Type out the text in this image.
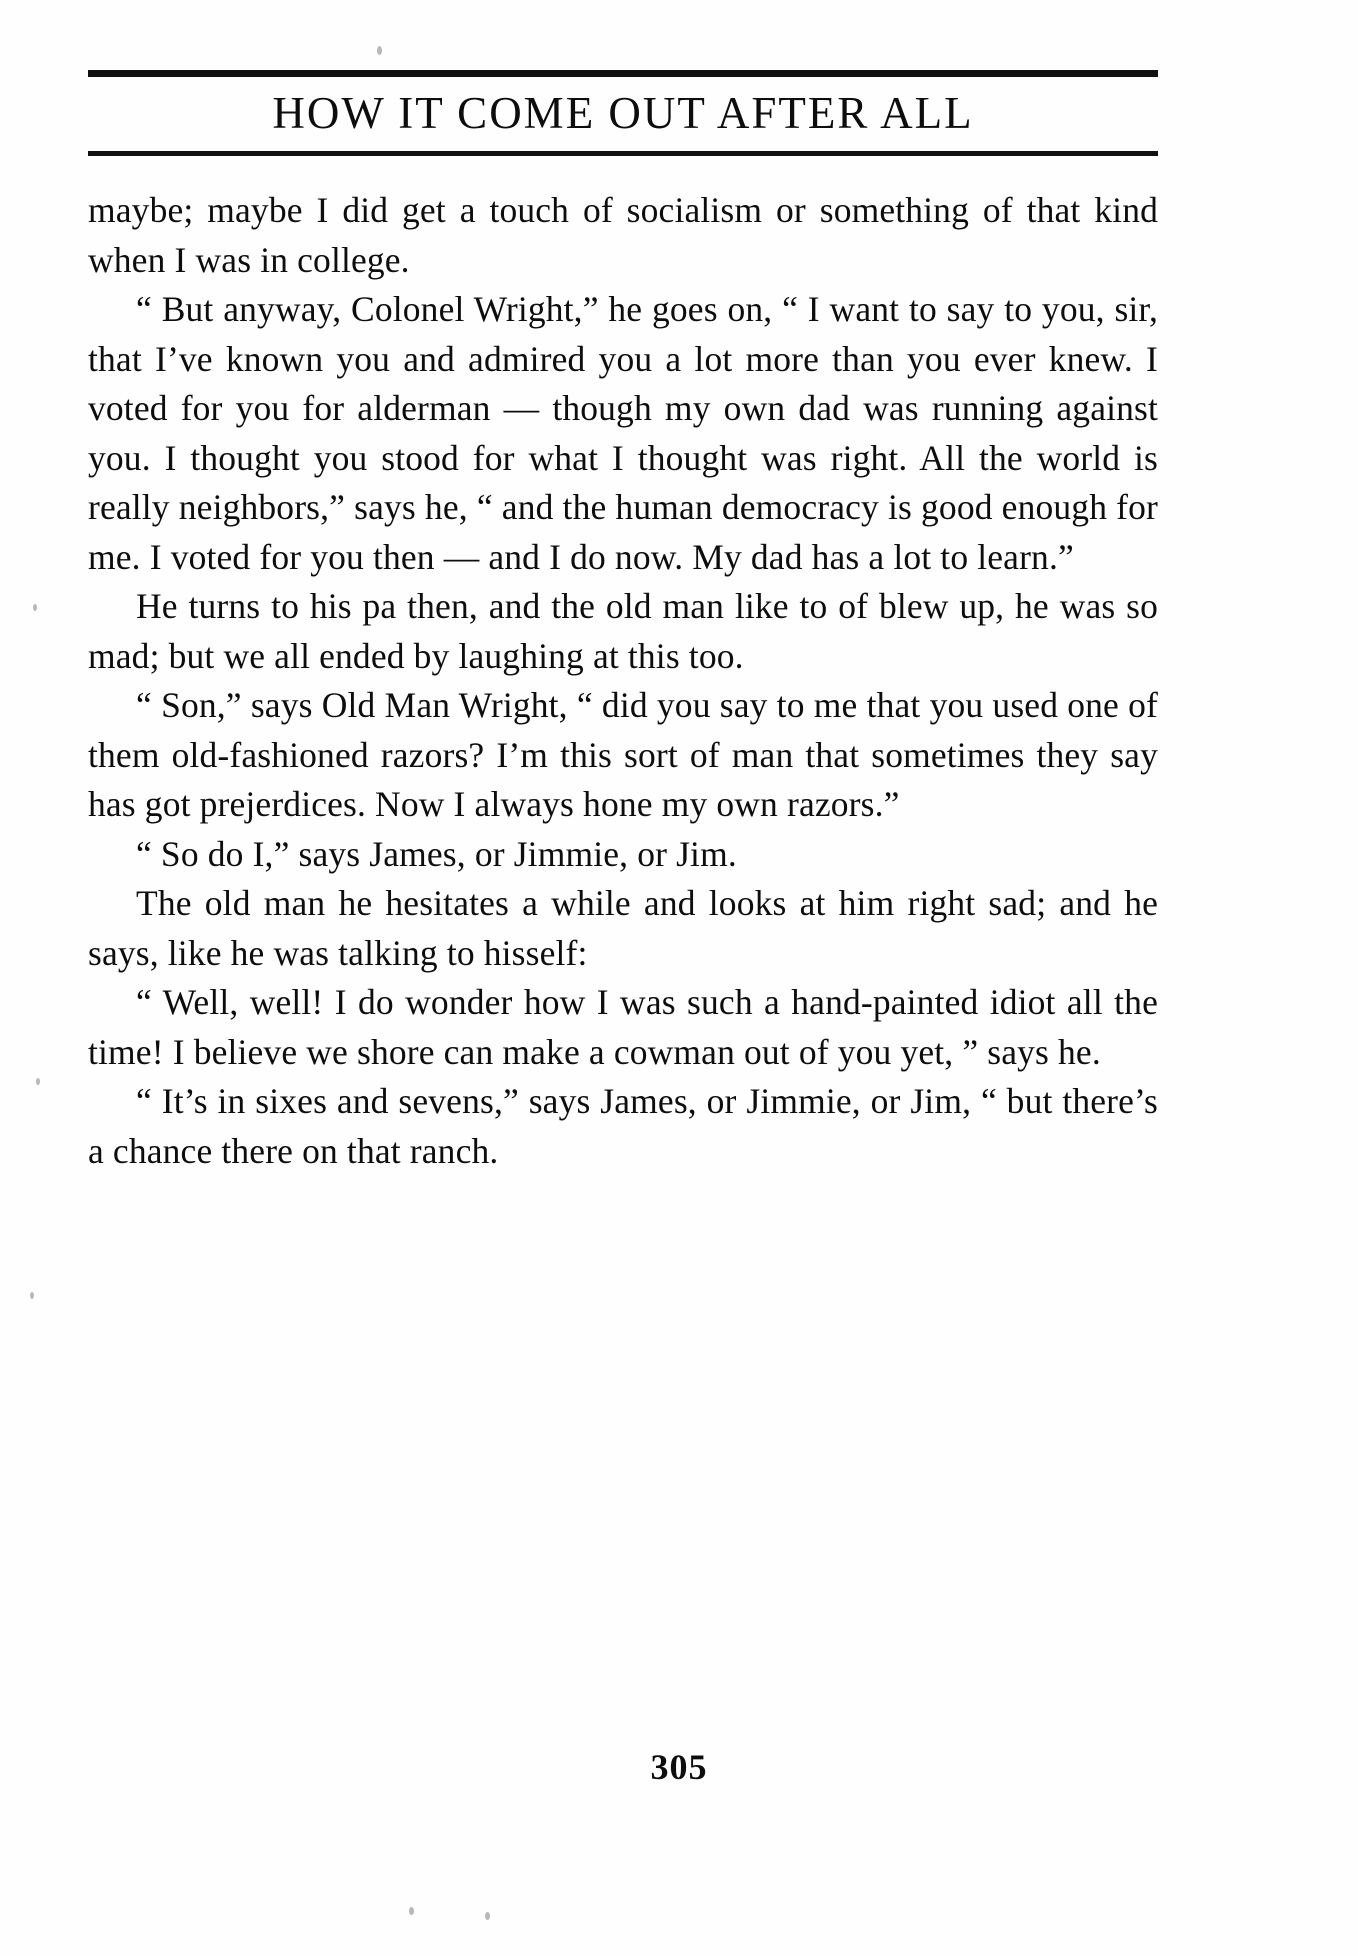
HOW IT COME OUT AFTER ALL

maybe; maybe I did get a touch of socialism or something of that kind when I was in college.

“ But anyway, Colonel Wright,” he goes on, “ I want to say to you, sir, that I’ve known you and admired you a lot more than you ever knew. I voted for you for alderman — though my own dad was running against you. I thought you stood for what I thought was right. All the world is really neighbors,” says he, “ and the human democracy is good enough for me. I voted for you then — and I do now. My dad has a lot to learn.”

He turns to his pa then, and the old man like to of blew up, he was so mad; but we all ended by laughing at this too.

“ Son,” says Old Man Wright, “ did you say to me that you used one of them old-fashioned razors? I’m this sort of man that sometimes they say has got prejerdices. Now I always hone my own razors.”

“ So do I,” says James, or Jimmie, or Jim.

The old man he hesitates a while and looks at him right sad; and he says, like he was talking to hisself:

“ Well, well! I do wonder how I was such a hand-painted idiot all the time! I believe we shore can make a cowman out of you yet, ” says he.

“ It’s in sixes and sevens,” says James, or Jimmie, or Jim, “ but there’s a chance there on that ranch.

305
